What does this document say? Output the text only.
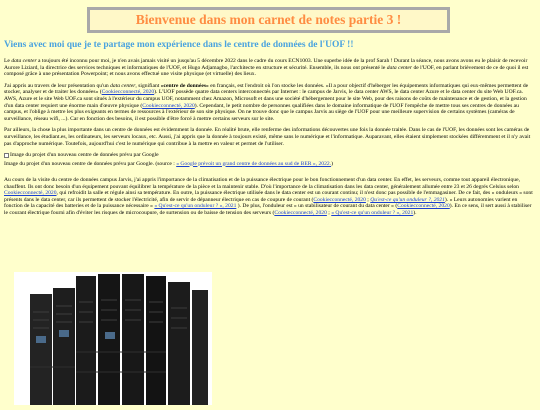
Bienvenue dans mon carnet de notes partie 3 !
Viens avec moi que je te partage mon expérience dans le centre de données de l'UOF !!

Le data center a toujours été inconnu pour moi, je n'en avais jamais visité un jusqu'au 5 décembre 2022 dans le cadre du cours ECN1003. Une superbe idée de la prof Sarah ! Durant la séance, nous avons avons eu le plaisir de recevoir Aurore Liziard, la directrice des services techniques et informatiques de l'UOF, et Hugo Adjamagbo, l'architecte en structure et sécurité. Ensemble, ils nous ont présenté le data center de l'UOF, en parlant brièvement de ce de quoi il est composé grâce à une présentation Powerpoint; et nous avons effectué une visite physique (et virtuelle) des lieux.

J'ai appris au travers de leur présentation qu'un data center, signifiant «centre de données» en français, est l'endroit où l'on stocke les données. «Il a pour objectif d'héberger les équipements informatiques qui eux-mêmes permettent de stocker, analyser et de traiter les données» (Cookiecconnecté, 2020). L'UOF possède quatre data centers interconnectés par Internet : le campus de Jarvis, le data center AWS, le data center Azure et le data center du site Web UOF.ca. AWS, Azure et le site Web UOF.ca sont situés à l'extérieur du campus UOF, notamment chez Amazon, Microsoft et dans une société d'hébergement pour le site Web, pour des raisons de coûts de maintenance et de gestion, et la gestion d'un data center requiert une énorme main d'œuvre physique (Cookiecconnecté, 2020). Cependant, le petit nombre de personnes qualifiées dans le domaine informatique de l'UOF l'empêche de mettre tous ses centres de données au campus, et l'oblige à mettre les plus exigeants en termes de ressources à l'extérieur de son site physique. On ne trouve donc que le campus Jarvis au siège de l'UOF pour une meilleure supervision de certains systèmes (caméras de surveillance, réseau wifi, ...). Car en fonction des besoins, il est possible d'être forcé à mettre certains serveurs sur le site.

Par ailleurs, la chose la plus importante dans un centre de données est évidemment la donnée. En réalité brute, elle renferme des informations découvertes une fois la donnée traitée. Dans le cas de l'UOF, les données sont les caméras de surveillance, les étudiant.es, les ordinateurs, les serveurs locaux, etc. Aussi, j'ai appris que la donnée à toujours existé, même sans le numérique et l'informatique. Auparavant, elles étaient simplement stockées différemment et il n'y avait pas d'approche numérique. Toutefois, aujourd'hui c'est le numérique qui contribue à la mettre en valeur et permet de l'utiliser.

Image du projet d'un nouveau centre de données prévu par Google

Image du projet d'un nouveau centre de données prévu par Google. (source : « Google prévoit un grand centre de données au sud de BER », 2022.)

Au cours de la visite du centre de données campus Jarvis, j'ai appris l'importance de la climatisation et de la puissance électrique pour le bon fonctionnement d'un data center. En effet, les serveurs, comme tout appareil électronique, chauffent. Ils ont donc besoin d'un équipement pouvant équilibrer la température de la pièce et la maintenir stable. D'où l'importance de la climatisation dans les data center, généralement allumée entre 23 et 26 degrés Celsius selon Cookiecconnecté, 2020, qui refroidit la salle et régule ainsi sa température. En outre, la puissance électrique utilisée dans le data center est un courant continu; il n'est donc pas possible de l'emmagasiner. De ce fait, des « onduleurs » sont présents dans le data center, car ils permettent de stocker l'électricité, afin de servir de dépanneur électrique en cas de coupure de courant (Cookiecconnecté, 2020 ; Qu'est-ce qu'un onduleur ?, 2021). « Leurs autonomies varient en fonction de la capacité des batteries et de la puissance nécessaire » « Qu'est-ce qu'un onduleur ? », 2021 ). De plus, l'onduleur est « un stabilisateur de courant du data center » (Cookiecconnecté, 2020). En ce sens, il sert aussi à stabiliser le courant électrique fourni afin d'éviter les risques de microcoupure, de surtension ou de baisse de tension des serveurs (Cookiecconnecté, 2020 ; « Qu'est-ce qu'un onduleur ? », 2021).
